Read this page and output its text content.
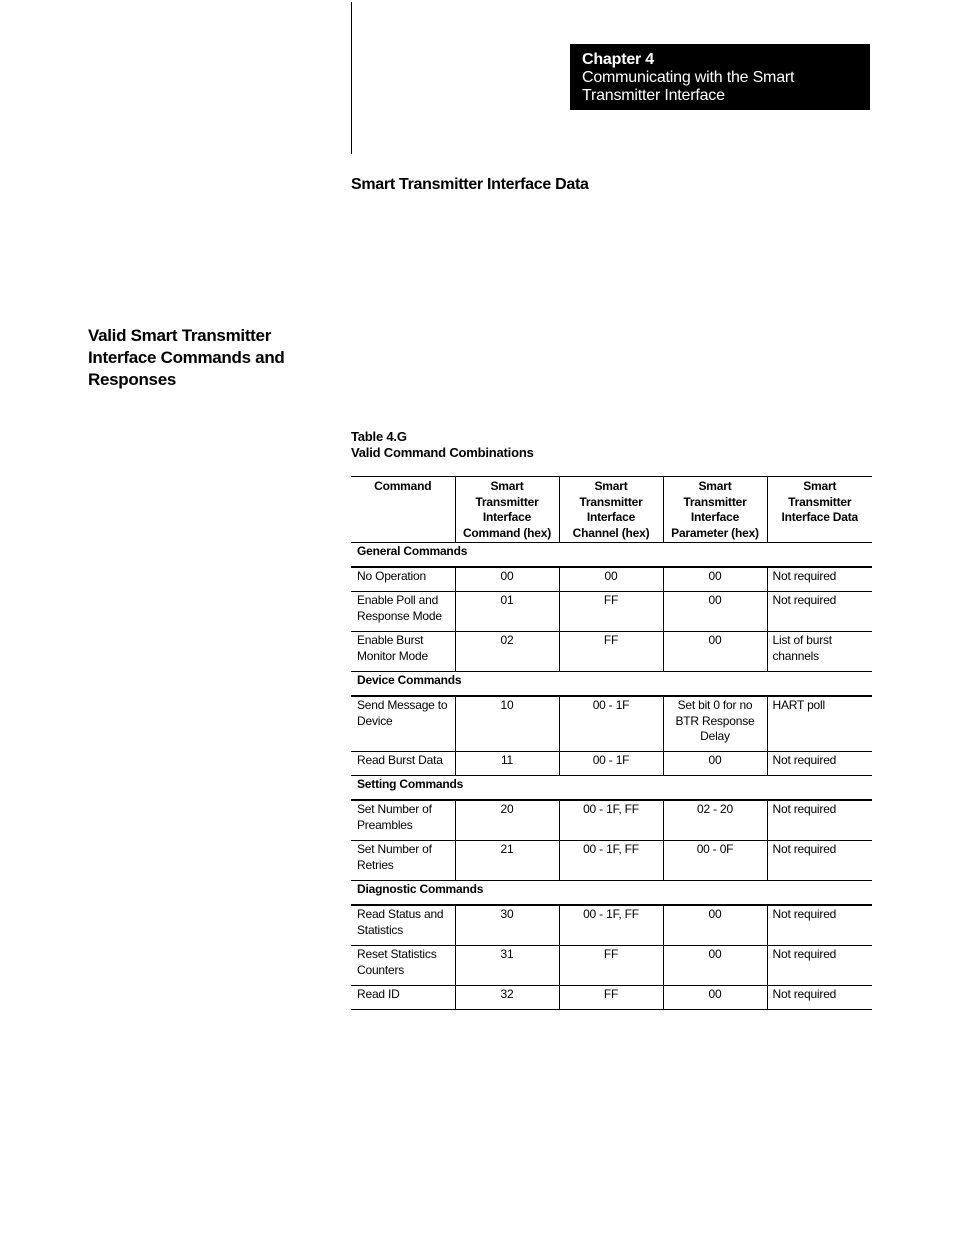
Chapter 4
Communicating with the Smart
Transmitter Interface
Smart Transmitter Interface Data
Valid Smart Transmitter
Interface Commands and
Responses
Table 4.G
Valid Command Combinations
Command	Smart Transmitter Interface Command (hex)	Smart Transmitter Interface Channel (hex)	Smart Transmitter Interface Parameter (hex)	Smart Transmitter Interface Data

General Commands				
No Operation	00	00	00	Not required
Enable Poll and Response Mode	01	FF	00	Not required
Enable Burst Monitor Mode	02	FF	00	List of burst channels
Device Commands				
Send Message to Device	10	00 - 1F	Set bit 0 for no BTR Response Delay	HART poll
Read Burst Data	11	00 - 1F	00	Not required
Setting Commands				
Set Number of Preambles	20	00 - 1F, FF	02 - 20	Not required
Set Number of Retries	21	00 - 1F, FF	00 - 0F	Not required
Diagnostic Commands				
Read Status and Statistics	30	00 - 1F, FF	00	Not required
Reset Statistics Counters	31	FF	00	Not required
Read ID	32	FF	00	Not required
